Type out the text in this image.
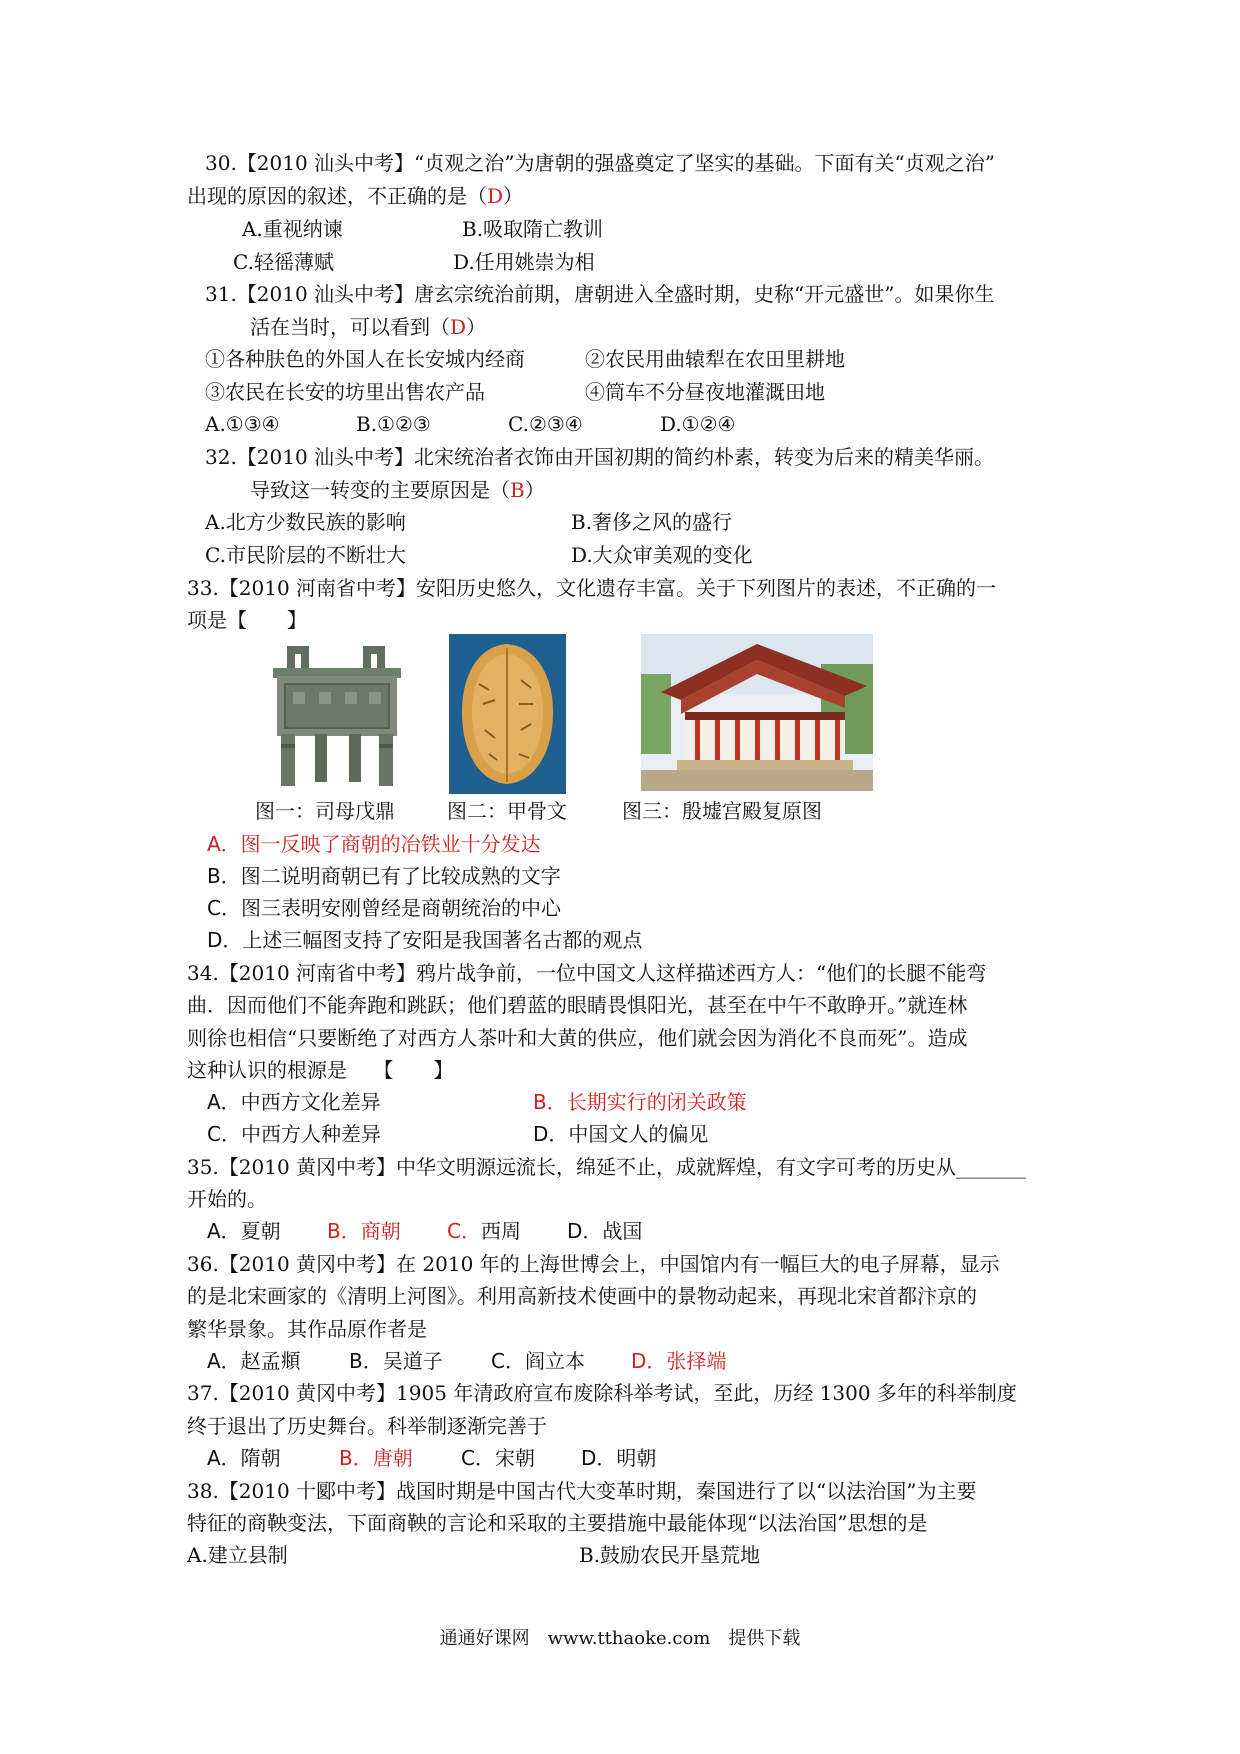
30.【2010 汕头中考】“贞观之治”为唐朝的强盛奠定了坚实的基础。下面有关“贞观之治”
出现的原因的叙述，不正确的是（D）
A.重视纳谏	B.吸取隋亡教训
C.轻徭薄赋	D.任用姚崇为相
31.【2010 汕头中考】唐玄宗统治前期，唐朝进入全盛时期，史称“开元盛世”。如果你生
活在当时，可以看到（D）
①各种肤色的外国人在长安城内经商	②农民用曲辕犁在农田里耕地
③农民在长安的坊里出售农产品	④筒车不分昼夜地灌溉田地
A.①③④	B.①②③	C.②③④	D.①②④
32.【2010 汕头中考】北宋统治者衣饰由开国初期的简约朴素，转变为后来的精美华丽。
导致这一转变的主要原因是（B）
A.北方少数民族的影响	B.奢侈之风的盛行
C.市民阶层的不断壮大	D.大众审美观的变化
33.【2010 河南省中考】安阳历史悠久，文化遗存丰富。关于下列图片的表述，不正确的一
项是【　　】
图一：司母戊鼎	图二：甲骨文	图三：殷墟宫殿复原图
A．图一反映了商朝的冶铁业十分发达
B．图二说明商朝已有了比较成熟的文字
C．图三表明安刚曾经是商朝统治的中心
D．上述三幅图支持了安阳是我国著名古都的观点
34.【2010 河南省中考】鸦片战争前，一位中国文人这样描述西方人：“他们的长腿不能弯
曲．因而他们不能奔跑和跳跃；他们碧蓝的眼睛畏惧阳光，甚至在中午不敢睁开。”就连林
则徐也相信“只要断绝了对西方人茶叶和大黄的供应，他们就会因为消化不良而死”。造成
这种认识的根源是　 【　　】
A．中西方文化差异	B．长期实行的闭关政策
C．中西方人种差异	D．中国文人的偏见
35.【2010 黄冈中考】中华文明源远流长，绵延不止，成就辉煌，有文字可考的历史从_______
开始的。
A．夏朝 B．商朝 C．西周 D．战国
36.【2010 黄冈中考】在 2010 年的上海世博会上，中国馆内有一幅巨大的电子屏幕，显示
的是北宋画家的《清明上河图》。利用高新技术使画中的景物动起来，再现北宋首都汴京的
繁华景象。其作品原作者是
A．赵孟頫 B．吴道子 C．阎立本 D．张择端
37.【2010 黄冈中考】1905 年清政府宣布废除科举考试，至此，历经 1300 多年的科举制度
终于退出了历史舞台。科举制逐渐完善于
A．隋朝	B．唐朝 C．宋朝 D．明朝
38.【2010 十郾中考】战国时期是中国古代大变革时期，秦国进行了以“以法治国”为主要
特征的商鞅变法，下面商鞅的言论和采取的主要措施中最能体现“以法治国”思想的是
A.建立县制	B.鼓励农民开垦荒地
通通好课网　www.tthaoke.com　提供下载
